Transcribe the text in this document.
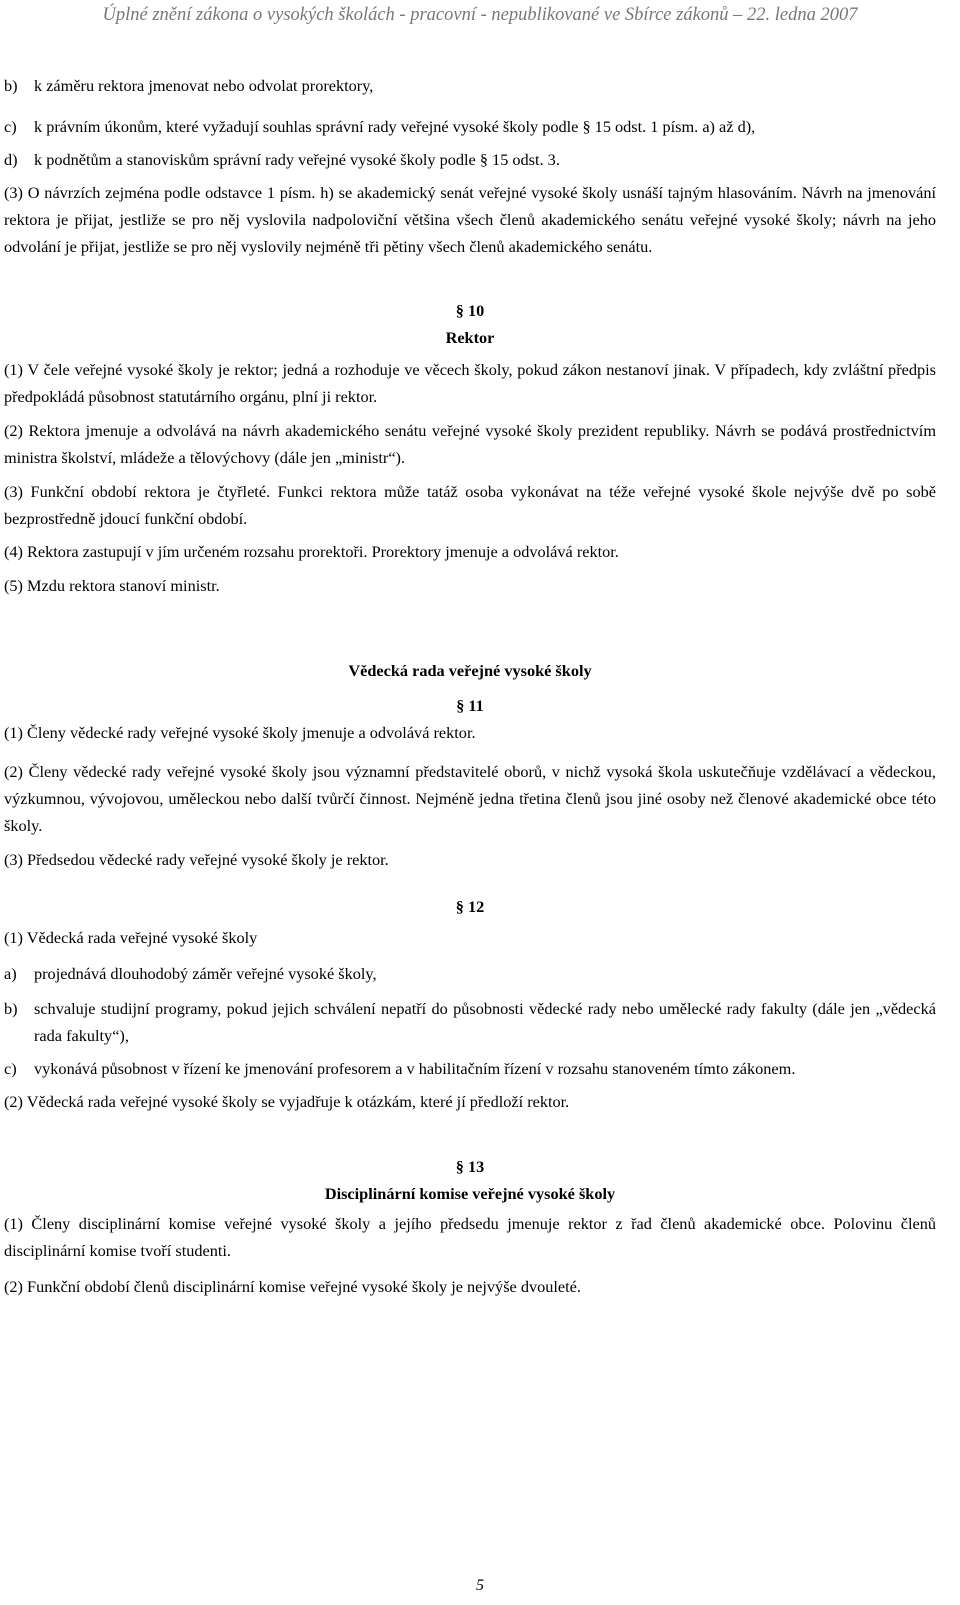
Úplné znění zákona o vysokých školách - pracovní - nepublikované ve Sbírce zákonů – 22. ledna 2007
b)	k záměru rektora jmenovat nebo odvolat prorektory,
c)	k právním úkonům, které vyžadují souhlas správní rady veřejné vysoké školy podle § 15 odst. 1 písm. a) až d),
d)	k podnětům a stanoviskům správní rady veřejné vysoké školy podle § 15 odst. 3.

(3) O návrzích zejména podle odstavce 1 písm. h) se akademický senát veřejné vysoké školy usnáší tajným hlasováním. Návrh na jmenování rektora je přijat, jestliže se pro něj vyslovila nadpoloviční většina všech členů akademického senátu veřejné vysoké školy; návrh na jeho odvolání je přijat, jestliže se pro něj vyslovily nejméně tři pětiny všech členů akademického senátu.

§ 10

Rektor

(1) V čele veřejné vysoké školy je rektor; jedná a rozhoduje ve věcech školy, pokud zákon nestanoví jinak. V případech, kdy zvláštní předpis předpokládá působnost statutárního orgánu, plní ji rektor.

(2) Rektora jmenuje a odvolává na návrh akademického senátu veřejné vysoké školy prezident republiky. Návrh se podává prostřednictvím ministra školství, mládeže a tělovýchovy (dále jen „ministr“).

(3) Funkční období rektora je čtyřleté. Funkci rektora může tatáž osoba vykonávat na téže veřejné vysoké škole nejvýše dvě po sobě bezprostředně jdoucí funkční období.

(4) Rektora zastupují v jím určeném rozsahu prorektoři. Prorektory jmenuje a odvolává rektor.

(5) Mzdu rektora stanoví ministr.

Vědecká rada veřejné vysoké školy

§ 11

(1) Členy vědecké rady veřejné vysoké školy jmenuje a odvolává rektor.

(2) Členy vědecké rady veřejné vysoké školy jsou významní představitelé oborů, v nichž vysoká škola uskutečňuje vzdělávací a vědeckou, výzkumnou, vývojovou, uměleckou nebo další tvůrčí činnost. Nejméně jedna třetina členů jsou jiné osoby než členové akademické obce této školy.

(3) Předsedou vědecké rady veřejné vysoké školy je rektor.

§ 12

(1) Vědecká rada veřejné vysoké školy

a)	projednává dlouhodobý záměr veřejné vysoké školy,
b)	schvaluje studijní programy, pokud jejich schválení nepatří do působnosti vědecké rady nebo umělecké rady fakulty (dále jen „vědecká rada fakulty“),
c)	vykonává působnost v řízení ke jmenování profesorem a v habilitačním řízení v rozsahu stanoveném tímto zákonem.

(2) Vědecká rada veřejné vysoké školy se vyjadřuje k otázkám, které jí předloží rektor.

§ 13

Disciplinární komise veřejné vysoké školy

(1) Členy disciplinární komise veřejné vysoké školy a jejího předsedu jmenuje rektor z řad členů akademické obce. Polovinu členů disciplinární komise tvoří studenti.

(2) Funkční období členů disciplinární komise veřejné vysoké školy je nejvýše dvouleté.

5
